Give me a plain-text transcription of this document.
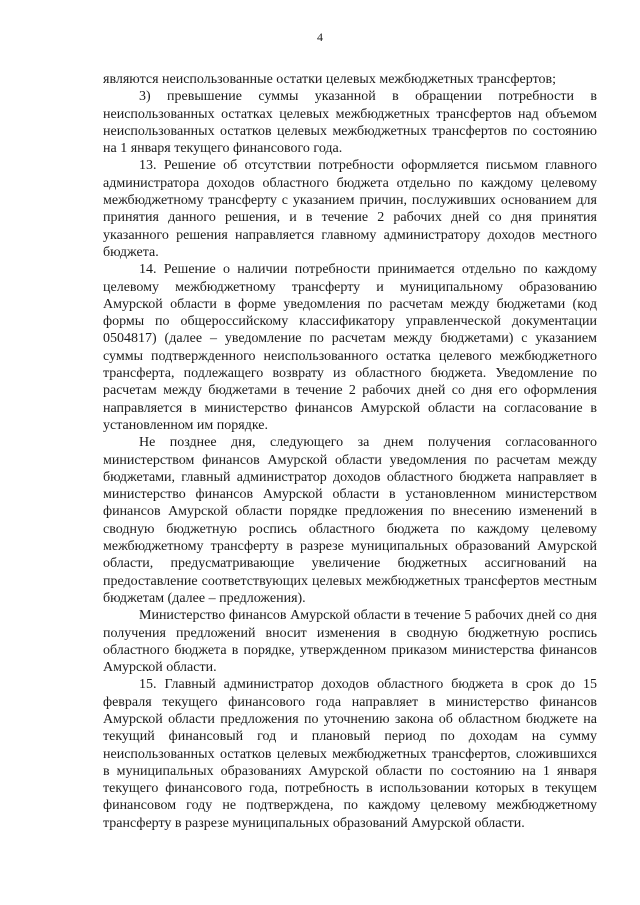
4

являются неиспользованные остатки целевых межбюджетных трансфертов;

3) превышение суммы указанной в обращении потребности в неиспользованных остатках целевых межбюджетных трансфертов над объемом неиспользованных остатков целевых межбюджетных трансфертов по состоянию на 1 января текущего финансового года.

13. Решение об отсутствии потребности оформляется письмом главного администратора доходов областного бюджета отдельно по каждому целевому межбюджетному трансферту с указанием причин, послуживших основанием для принятия данного решения, и в течение 2 рабочих дней со дня принятия указанного решения направляется главному администратору доходов местного бюджета.

14. Решение о наличии потребности принимается отдельно по каждому целевому межбюджетному трансферту и муниципальному образованию Амурской области в форме уведомления по расчетам между бюджетами (код формы по общероссийскому классификатору управленческой документации 0504817) (далее – уведомление по расчетам между бюджетами) с указанием суммы подтвержденного неиспользованного остатка целевого межбюджетного трансферта, подлежащего возврату из областного бюджета. Уведомление по расчетам между бюджетами в течение 2 рабочих дней со дня его оформления направляется в министерство финансов Амурской области на согласование в установленном им порядке.

Не позднее дня, следующего за днем получения согласованного министерством финансов Амурской области уведомления по расчетам между бюджетами, главный администратор доходов областного бюджета направляет в министерство финансов Амурской области в установленном министерством финансов Амурской области порядке предложения по внесению изменений в сводную бюджетную роспись областного бюджета по каждому целевому межбюджетному трансферту в разрезе муниципальных образований Амурской области, предусматривающие увеличение бюджетных ассигнований на предоставление соответствующих целевых межбюджетных трансфертов местным бюджетам (далее – предложения).

Министерство финансов Амурской области в течение 5 рабочих дней со дня получения предложений вносит изменения в сводную бюджетную роспись областного бюджета в порядке, утвержденном приказом министерства финансов Амурской области.

15. Главный администратор доходов областного бюджета в срок до 15 февраля текущего финансового года направляет в министерство финансов Амурской области предложения по уточнению закона об областном бюджете на текущий финансовый год и плановый период по доходам на сумму неиспользованных остатков целевых межбюджетных трансфертов, сложившихся в муниципальных образованиях Амурской области по состоянию на 1 января текущего финансового года, потребность в использовании которых в текущем финансовом году не подтверждена, по каждому целевому межбюджетному трансферту в разрезе муниципальных образований Амурской области.
